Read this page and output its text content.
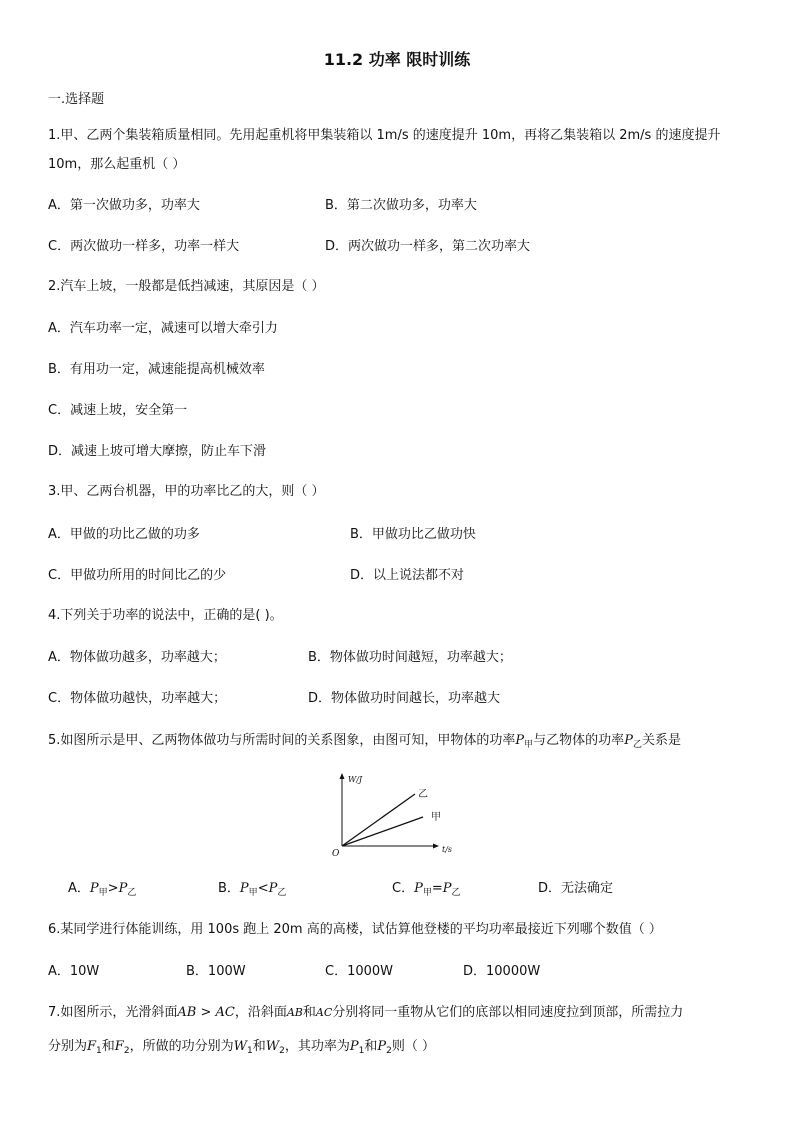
11.2 功率 限时训练
一.选择题
1.甲、乙两个集装箱质量相同。先用起重机将甲集装箱以 1m/s 的速度提升 10m，再将乙集装箱以 2m/s 的速度提升
10m，那么起重机（ ）
A．第一次做功多，功率大	B．第二次做功多，功率大
C．两次做功一样多，功率一样大	D．两次做功一样多，第二次功率大
2.汽车上坡，一般都是低挡减速，其原因是（ ）
A．汽车功率一定，减速可以增大牵引力
B．有用功一定，减速能提高机械效率
C．减速上坡，安全第一
D．减速上坡可增大摩擦，防止车下滑
3.甲、乙两台机器，甲的功率比乙的大，则（ ）
A．甲做的功比乙做的功多	B．甲做功比乙做功快
C．甲做功所用的时间比乙的少	D．以上说法都不对
4.下列关于功率的说法中，正确的是( )。
A．物体做功越多，功率越大；	B．物体做功时间越短，功率越大；
C．物体做功越快，功率越大；	D．物体做功时间越长，功率越大
5.如图所示是甲、乙两物体做功与所需时间的关系图象，由图可知，甲物体的功率$P_甲$与乙物体的功率$P_乙$关系是
W/J
t/s
O
乙
甲
A．$P_甲>P_乙$	B．$P_甲<P_乙$	C．$P_甲=P_乙$	D．无法确定
6.某同学进行体能训练，用 100s 跑上 20m 高的高楼，试估算他登楼的平均功率最接近下列哪个数值（ ）
A．10W	B．100W	C．1000W	D．10000W
7.如图所示，光滑斜面AB > AC，沿斜面AB和AC分别将同一重物从它们的底部以相同速度拉到顶部，所需拉力
分别为$F_1$和$F_2$，所做的功分别为$W_1$和$W_2$，其功率为$P_1$和$P_2$则（ ）
